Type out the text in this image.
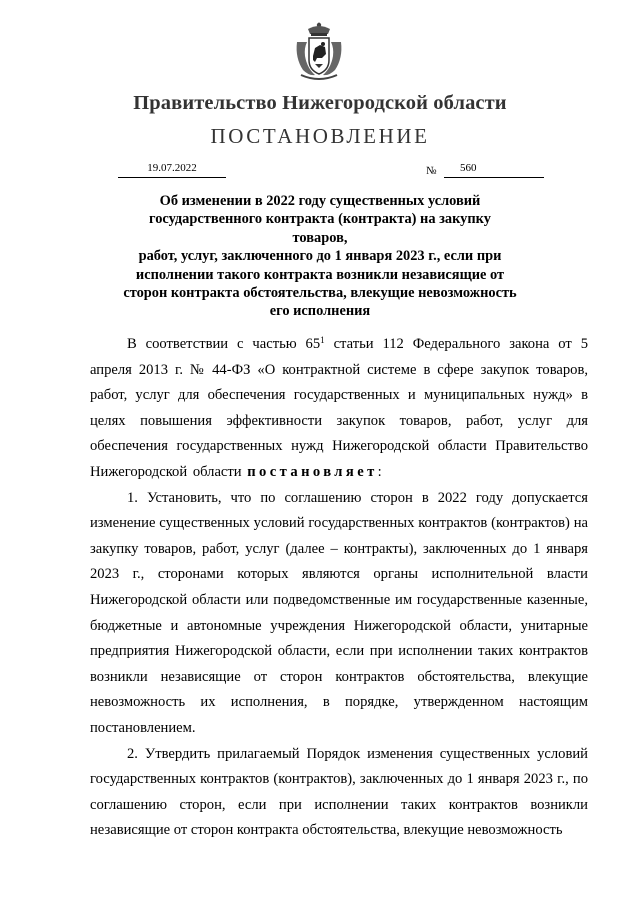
Правительство Нижегородской области
ПОСТАНОВЛЕНИЕ
19.07.2022	№ 560
Об изменении в 2022 году существенных условий
государственного контракта (контракта) на закупку товаров,
работ, услуг, заключенного до 1 января 2023 г., если при
исполнении такого контракта возникли независящие от
сторон контракта обстоятельства, влекущие невозможность
его исполнения

В соответствии с частью $65^1$ статьи 112 Федерального закона от 5 апреля 2013 г. № 44-ФЗ «О контрактной системе в сфере закупок товаров, работ, услуг для обеспечения государственных и муниципальных нужд» в целях повышения эффективности закупок товаров, работ, услуг для обеспечения государственных нужд Нижегородской области Правительство Нижегородской области постановляет:

1. Установить, что по соглашению сторон в 2022 году допускается изменение существенных условий государственных контрактов (контрактов) на закупку товаров, работ, услуг (далее – контракты), заключенных до 1 января 2023 г., сторонами которых являются органы исполнительной власти Нижегородской области или подведомственные им государственные казенные, бюджетные и автономные учреждения Нижегородской области, унитарные предприятия Нижегородской области, если при исполнении таких контрактов возникли независящие от сторон контрактов обстоятельства, влекущие невозможность их исполнения, в порядке, утвержденном настоящим постановлением.

2. Утвердить прилагаемый Порядок изменения существенных условий государственных контрактов (контрактов), заключенных до 1 января 2023 г., по соглашению сторон, если при исполнении таких контрактов возникли независящие от сторон контракта обстоятельства, влекущие невозможность
